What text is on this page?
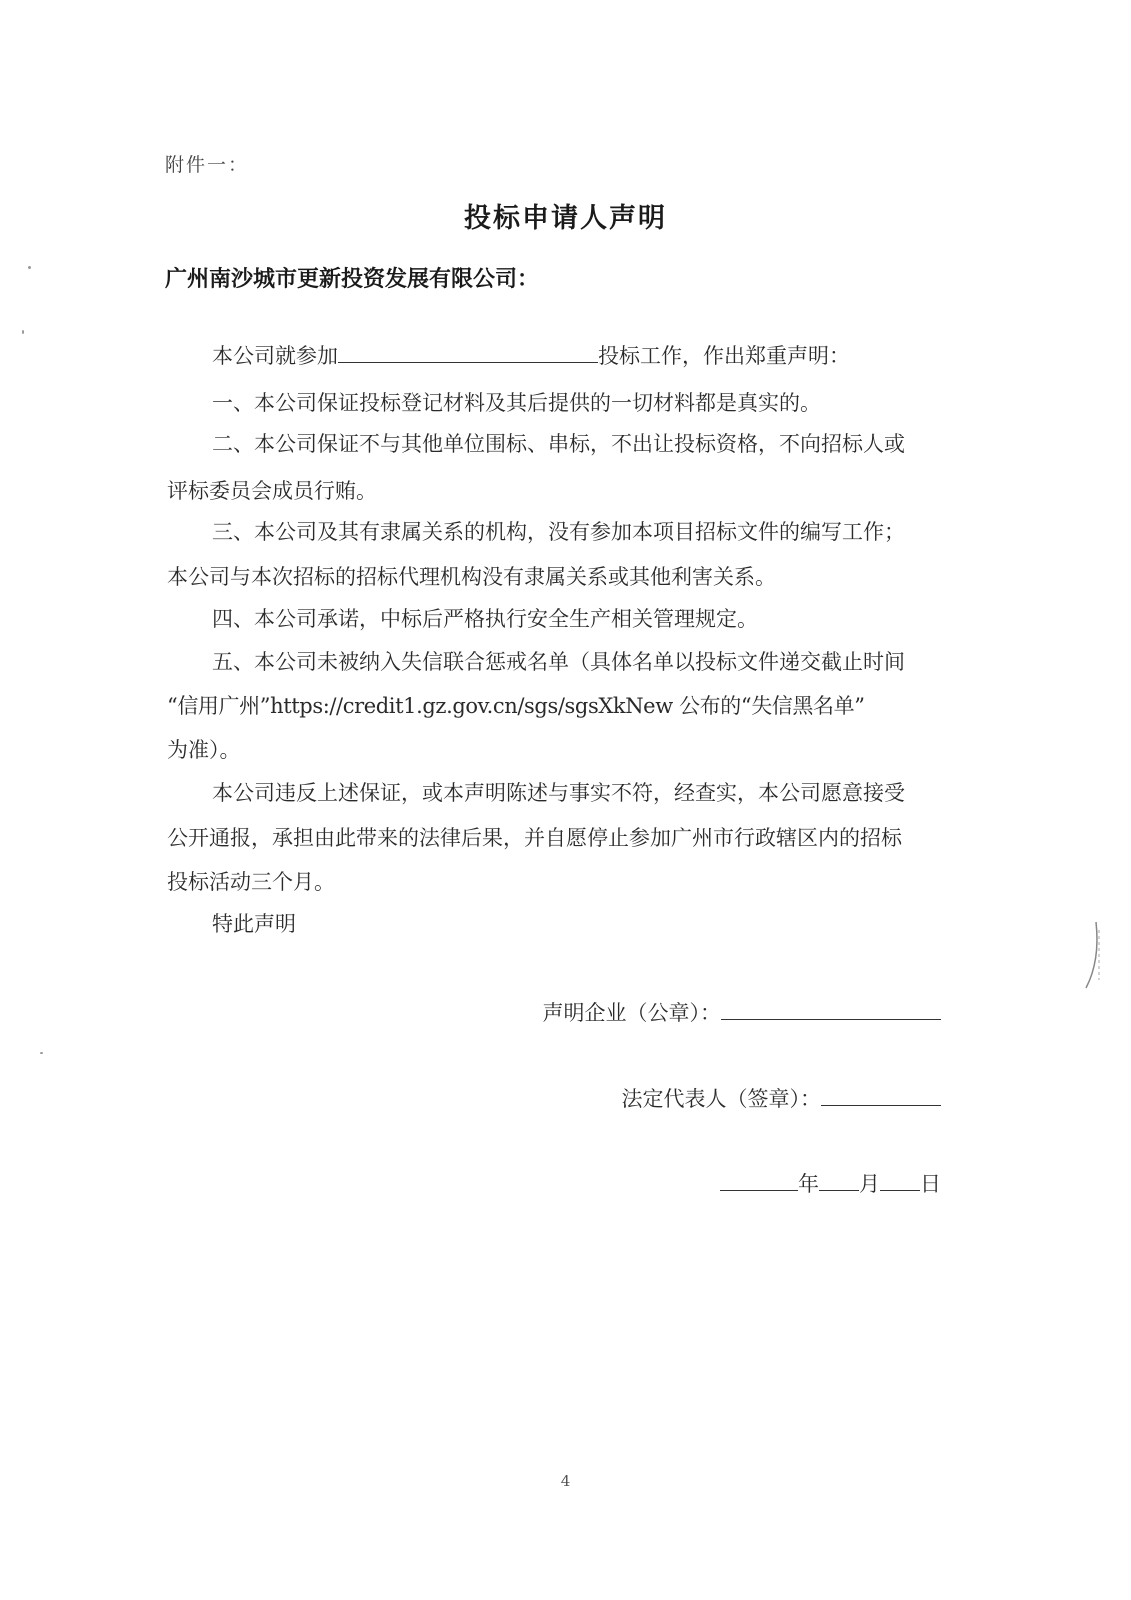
附件一：
投标申请人声明
广州南沙城市更新投资发展有限公司：
本公司就参加	投标工作，作出郑重声明：
一、本公司保证投标登记材料及其后提供的一切材料都是真实的。
二、本公司保证不与其他单位围标、串标，不出让投标资格，不向招标人或
评标委员会成员行贿。
三、本公司及其有隶属关系的机构，没有参加本项目招标文件的编写工作；
本公司与本次招标的招标代理机构没有隶属关系或其他利害关系。
四、本公司承诺，中标后严格执行安全生产相关管理规定。
五、本公司未被纳入失信联合惩戒名单（具体名单以投标文件递交截止时间
“信用广州”https://credit1.gz.gov.cn/sgs/sgsXkNew 公布的“失信黑名单”
为准）。
本公司违反上述保证，或本声明陈述与事实不符，经查实，本公司愿意接受
公开通报，承担由此带来的法律后果，并自愿停止参加广州市行政辖区内的招标
投标活动三个月。
特此声明
声明企业（公章）：
法定代表人（签章）：
年 月 日
4
